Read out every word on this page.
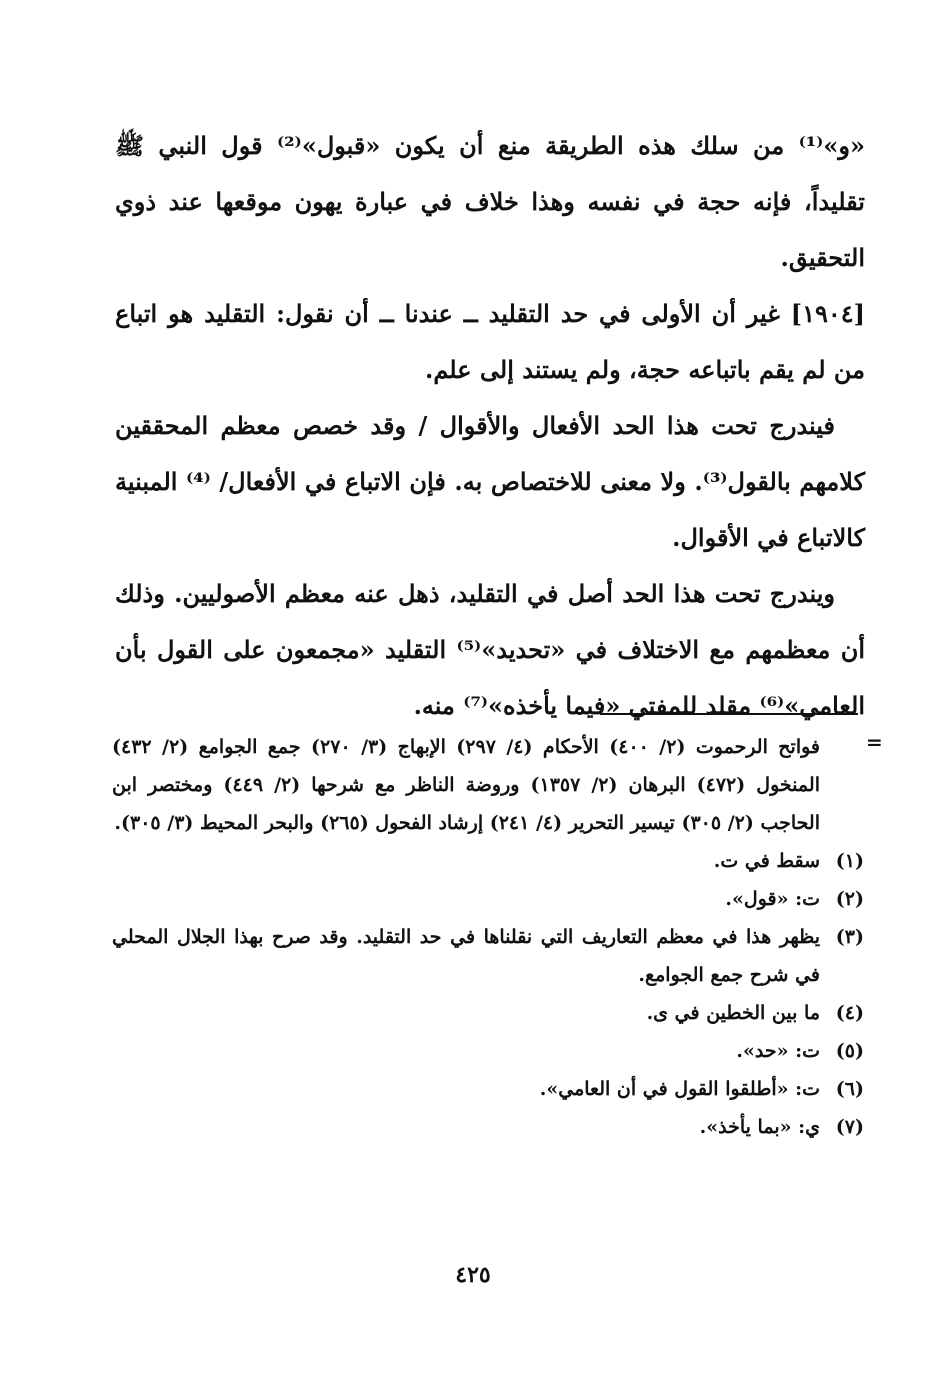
«و»⁽¹⁾ من سلك هذه الطريقة منع أن يكون «قبول»⁽²⁾ قول النبي ﷺ تقليداً، فإنه حجة في نفسه وهذا خلاف في عبارة يهون موقعها عند ذوي التحقيق.

[١٩٠٤] غير أن الأولى في حد التقليد ــ عندنا ــ أن نقول: التقليد هو اتباع من لم يقم باتباعه حجة، ولم يستند إلى علم.

فيندرج تحت هذا الحد الأفعال والأقوال / وقد خصص معظم المحققين كلامهم بالقول⁽³⁾. ولا معنى للاختصاص به. فإن الاتباع في الأفعال/ ⁽⁴⁾ المبنية كالاتباع في الأقوال.

ويندرج تحت هذا الحد أصل في التقليد، ذهل عنه معظم الأصوليين. وذلك أن معظمهم مع الاختلاف في «تحديد»⁽⁵⁾ التقليد «مجمعون على القول بأن العامي»⁽⁶⁾ مقلد للمفتي «فيما يأخذه»⁽⁷⁾ منه.

=
فواتح الرحموت (٢/ ٤٠٠) الأحكام (٤/ ٢٩٧) الإبهاج (٣/ ٢٧٠) جمع الجوامع (٢/ ٤٣٢) المنخول (٤٧٢) البرهان (٢/ ١٣٥٧) وروضة الناظر مع شرحها (٢/ ٤٤٩) ومختصر ابن الحاجب (٢/ ٣٠٥) تيسير التحرير (٤/ ٢٤١) إرشاد الفحول (٢٦٥) والبحر المحيط (٣/ ٣٠٥).
(١)
سقط في ت.
(٢)
ت: «قول».
(٣)
يظهر هذا في معظم التعاريف التي نقلناها في حد التقليد. وقد صرح بهذا الجلال المحلي في شرح جمع الجوامع.
(٤)
ما بين الخطين في ى.
(٥)
ت: «حد».
(٦)
ت: «أطلقوا القول في أن العامي».
(٧)
ي: «بما يأخذ».
٤٢٥
